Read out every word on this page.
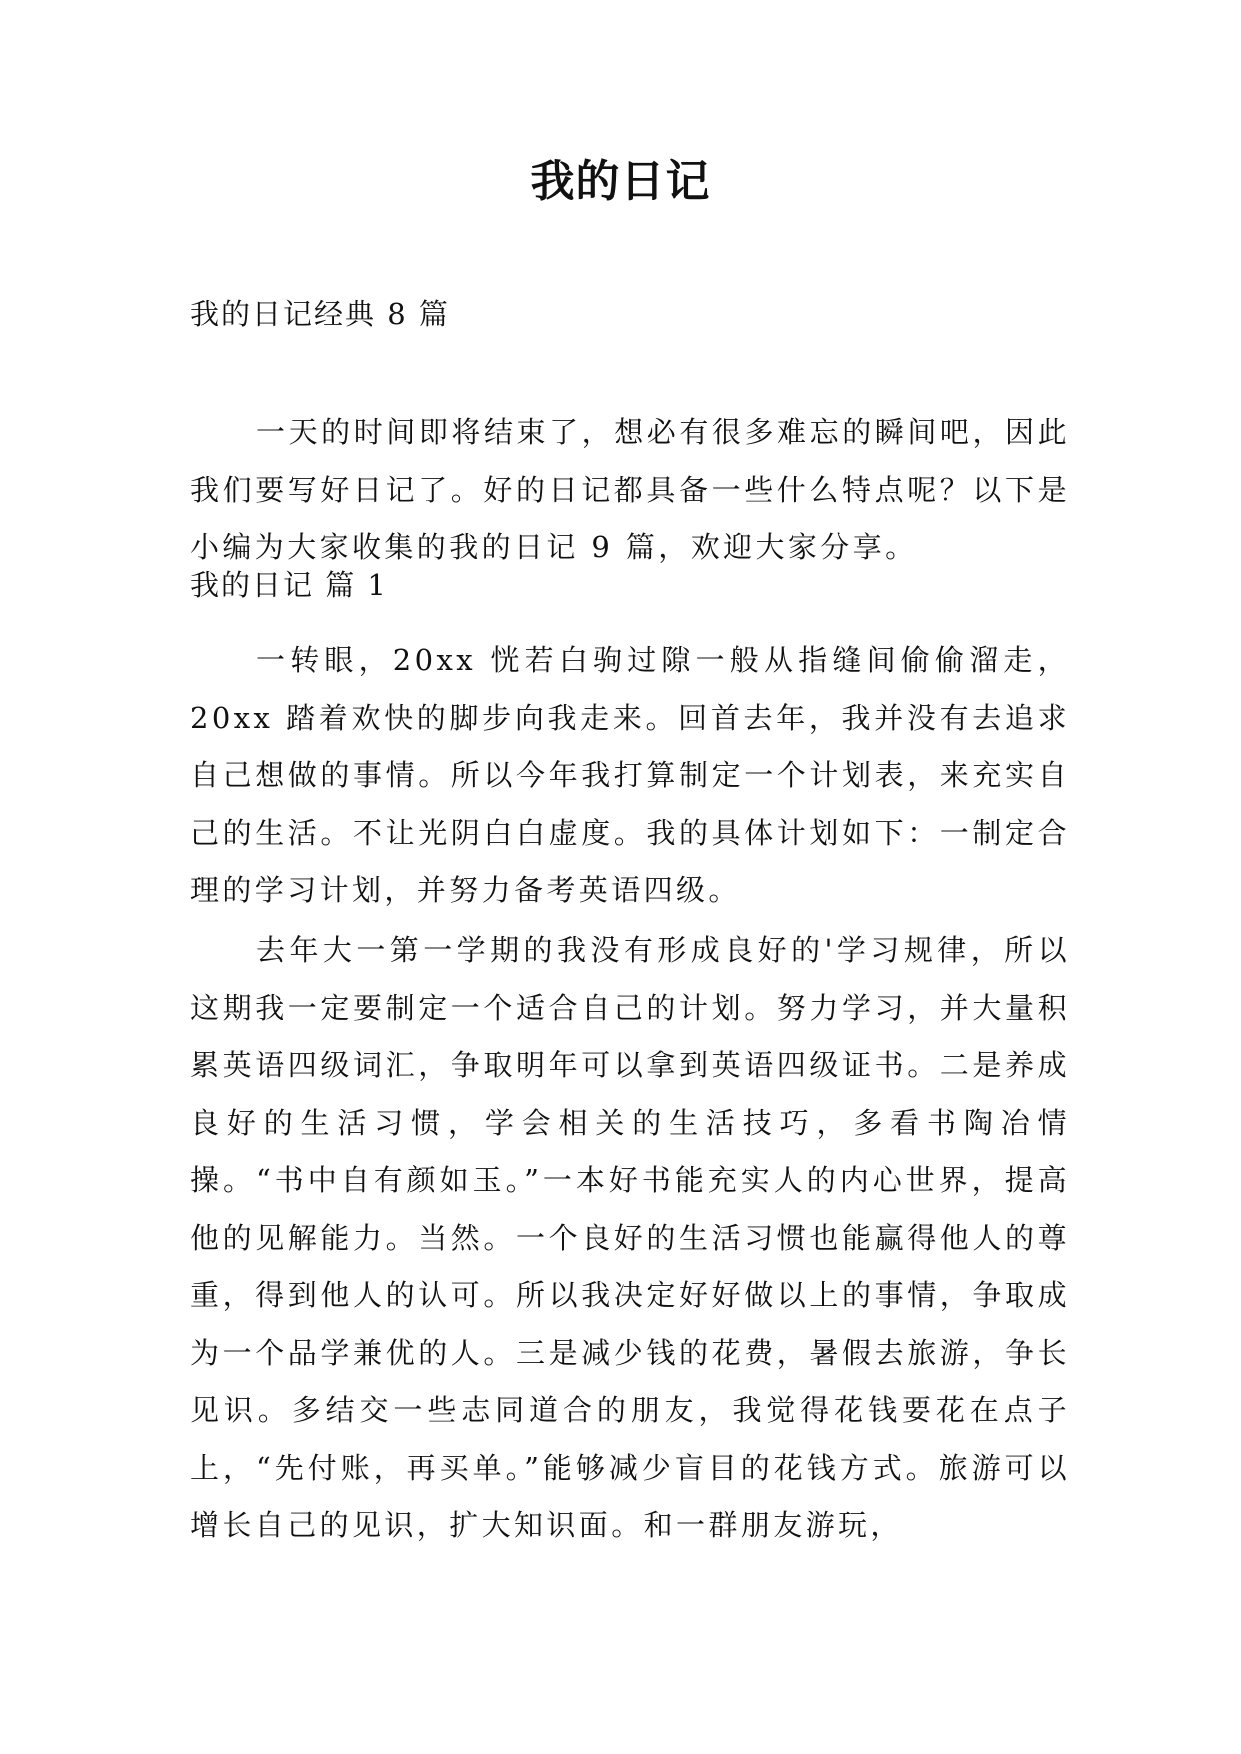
我的日记

我的日记经典 8 篇

一天的时间即将结束了，想必有很多难忘的瞬间吧，因此我们要写好日记了。好的日记都具备一些什么特点呢？以下是小编为大家收集的我的日记 9 篇，欢迎大家分享。

我的日记 篇 1

一转眼，20xx 恍若白驹过隙一般从指缝间偷偷溜走，20xx 踏着欢快的脚步向我走来。回首去年，我并没有去追求自己想做的事情。所以今年我打算制定一个计划表，来充实自己的生活。不让光阴白白虚度。我的具体计划如下：一制定合理的学习计划，并努力备考英语四级。

去年大一第一学期的我没有形成良好的'学习规律，所以这期我一定要制定一个适合自己的计划。努力学习，并大量积累英语四级词汇，争取明年可以拿到英语四级证书。二是养成良好的生活习惯，学会相关的生活技巧，多看书陶冶情操。“书中自有颜如玉。”一本好书能充实人的内心世界，提高他的见解能力。当然。一个良好的生活习惯也能赢得他人的尊重，得到他人的认可。所以我决定好好做以上的事情，争取成为一个品学兼优的人。三是减少钱的花费，暑假去旅游，争长见识。多结交一些志同道合的朋友，我觉得花钱要花在点子上，“先付账，再买单。”能够减少盲目的花钱方式。旅游可以增长自己的见识，扩大知识面。和一群朋友游玩，
